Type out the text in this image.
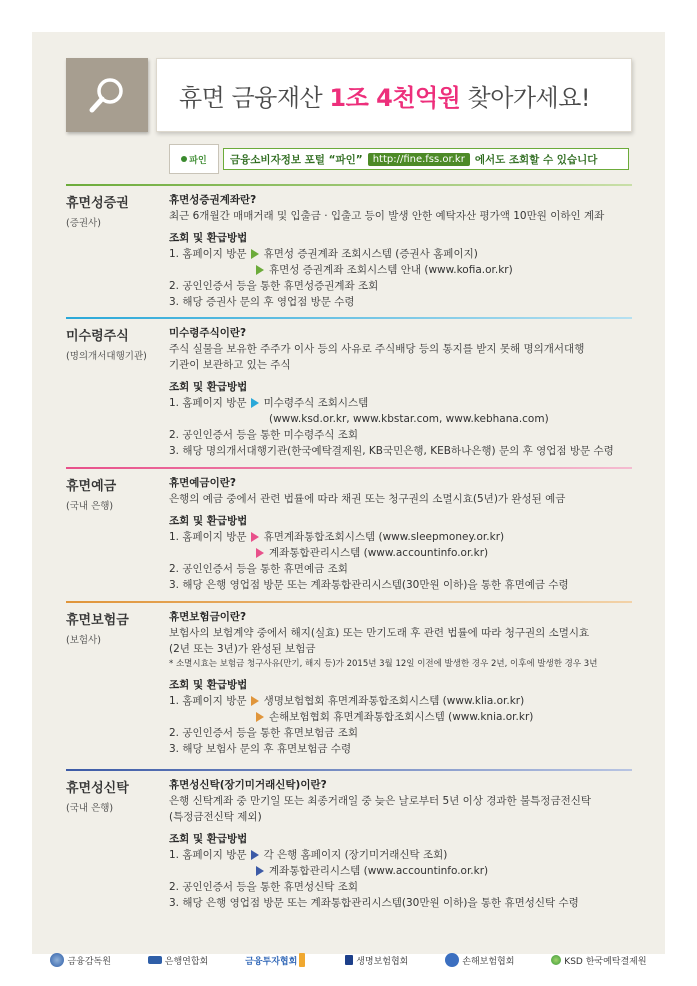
휴면 금융재산 1조 4천억원 찾아가세요!
파인 금융소비자정보 포털 “파인”	http://fine.fss.or.kr 에서도 조회할 수 있습니다
휴면성증권
(증권사)
휴면성증권계좌란?
최근 6개월간 매매거래 및 입출금 · 입출고 등이 발생 안한 예탁자산 평가액 10만원 이하인 계좌
조회 및 환급방법
1. 홈페이지 방문 휴면성 증권계좌 조회시스템 (증권사 홈페이지)
휴면성 증권계좌 조회시스템 안내 (www.kofia.or.kr)
2. 공인인증서 등을 통한 휴면성증권계좌 조회
3. 해당 증권사 문의 후 영업점 방문 수령
미수령주식
(명의개서대행기관)
미수령주식이란?
주식 실물을 보유한 주주가 이사 등의 사유로 주식배당 등의 통지를 받지 못해 명의개서대행
기관이 보관하고 있는 주식
조회 및 환급방법
1. 홈페이지 방문 미수령주식 조회시스템
(www.ksd.or.kr, www.kbstar.com, www.kebhana.com)
2. 공인인증서 등을 통한 미수령주식 조회
3. 해당 명의개서대행기관(한국예탁결제원, KB국민은행, KEB하나은행) 문의 후 영업점 방문 수령
휴면예금
(국내 은행)
휴면예금이란?
은행의 예금 중에서 관련 법률에 따라 채권 또는 청구권의 소멸시효(5년)가 완성된 예금
조회 및 환급방법
1. 홈페이지 방문 휴면계좌통합조회시스템 (www.sleepmoney.or.kr)
계좌통합관리시스템 (www.accountinfo.or.kr)
2. 공인인증서 등을 통한 휴면예금 조회
3. 해당 은행 영업점 방문 또는 계좌통합관리시스템(30만원 이하)을 통한 휴면예금 수령
휴면보험금
(보험사)
휴면보험금이란?
보험사의 보험계약 중에서 해지(실효) 또는 만기도래 후 관련 법률에 따라 청구권의 소멸시효
(2년 또는 3년)가 완성된 보험금
* 소멸시효는 보험금 청구사유(만기, 해지 등)가 2015년 3월 12일 이전에 발생한 경우 2년, 이후에 발생한 경우 3년
조회 및 환급방법
1. 홈페이지 방문 생명보험협회 휴면계좌통합조회시스템 (www.klia.or.kr)
손해보험협회 휴면계좌통합조회시스템 (www.knia.or.kr)
2. 공인인증서 등을 통한 휴면보험금 조회
3. 해당 보험사 문의 후 휴면보험금 수령
휴면성신탁
(국내 은행)
휴면성신탁(장기미거래신탁)이란?
은행 신탁계좌 중 만기일 또는 최종거래일 중 늦은 날로부터 5년 이상 경과한 불특정금전신탁
(특정금전신탁 제외)
조회 및 환급방법
1. 홈페이지 방문 각 은행 홈페이지 (장기미거래신탁 조회)
계좌통합관리시스템 (www.accountinfo.or.kr)
2. 공인인증서 등을 통한 휴면성신탁 조회
3. 해당 은행 영업점 방문 또는 계좌통합관리시스템(30만원 이하)을 통한 휴면성신탁 수령
금융감독원	은행연합회	금융투자협회	생명보험협회	손해보험협회	KSD 한국예탁결제원
